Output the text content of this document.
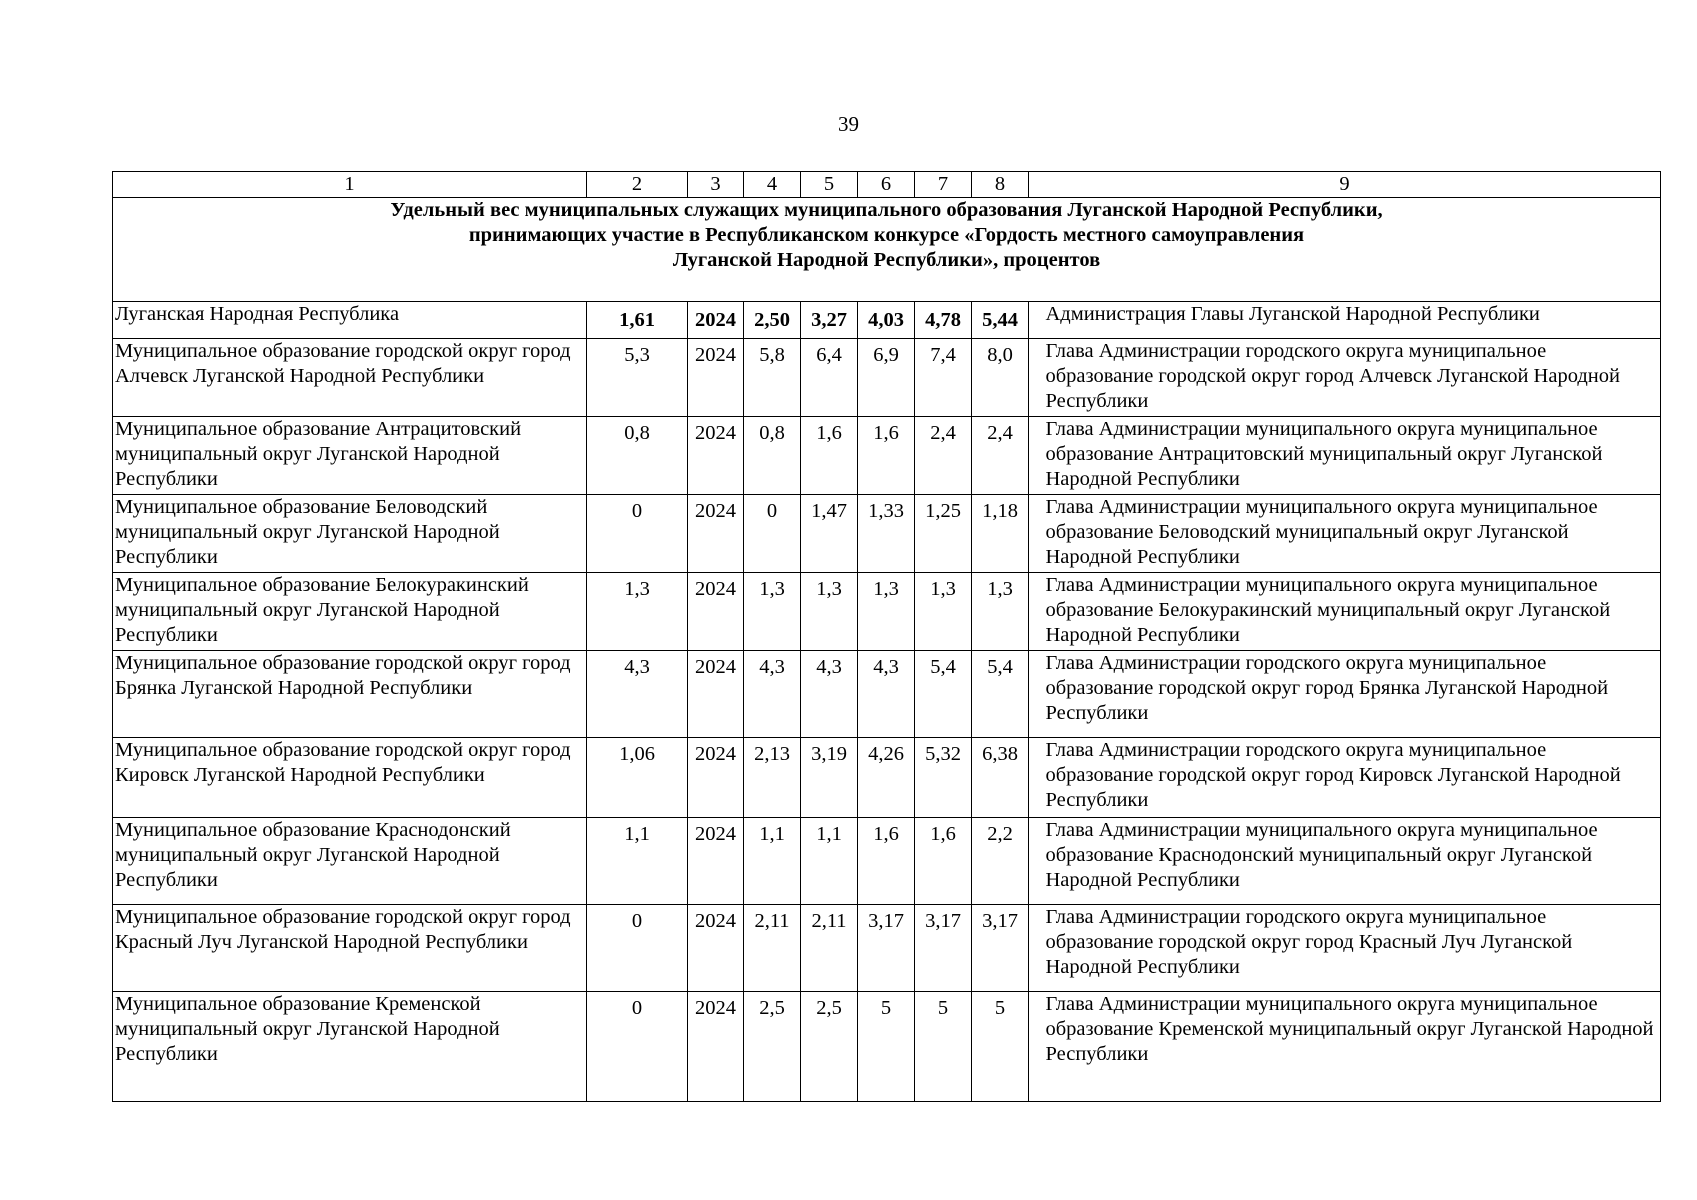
39
1	2	3	4	5	6	7	8	9	

Удельный вес муниципальных служащих муниципального образования Луганской Народной Республики,
принимающих участие в Республиканском конкурсе «Гордость местного самоуправления
Луганской Народной Республики», процентов									

Луганская Народная Республика	1,61	2024	2,50	3,27	4,03	4,78	5,44		Администрация Главы Луганской Народной Республики
Муниципальное образование городской округ город Алчевск Луганской Народной Республики	5,3	2024	5,8	6,4	6,9	7,4	8,0		Глава Администрации городского округа муниципальное образование городской округ город Алчевск Луганской Народной Республики
Муниципальное образование Антрацитовский муниципальный округ Луганской Народной Республики	0,8	2024	0,8	1,6	1,6	2,4	2,4		Глава Администрации муниципального округа муниципальное образование Антрацитовский муниципальный округ Луганской Народной Республики
Муниципальное образование Беловодский муниципальный округ Луганской Народной Республики	0	2024	0	1,47	1,33	1,25	1,18		Глава Администрации муниципального округа муниципальное образование Беловодский муниципальный округ Луганской Народной Республики
Муниципальное образование Белокуракинский муниципальный округ Луганской Народной Республики	1,3	2024	1,3	1,3	1,3	1,3	1,3		Глава Администрации муниципального округа муниципальное образование Белокуракинский муниципальный округ Луганской Народной Республики
Муниципальное образование городской округ город Брянка Луганской Народной Республики	4,3	2024	4,3	4,3	4,3	5,4	5,4		Глава Администрации городского округа муниципальное образование городской округ город Брянка Луганской Народной Республики
Муниципальное образование городской округ город Кировск Луганской Народной Республики	1,06	2024	2,13	3,19	4,26	5,32	6,38		Глава Администрации городского округа муниципальное образование городской округ город Кировск Луганской Народной Республики
Муниципальное образование Краснодонский муниципальный округ Луганской Народной Республики	1,1	2024	1,1	1,1	1,6	1,6	2,2		Глава Администрации муниципального округа муниципальное образование Краснодонский муниципальный округ Луганской Народной Республики
Муниципальное образование городской округ город Красный Луч Луганской Народной Республики	0	2024	2,11	2,11	3,17	3,17	3,17		Глава Администрации городского округа муниципальное образование городской округ город Красный Луч Луганской Народной Республики
Муниципальное образование Кременской муниципальный округ Луганской Народной Республики	0	2024	2,5	2,5	5	5	5		Глава Администрации муниципального округа муниципальное образование Кременской муниципальный округ Луганской Народной Республики
